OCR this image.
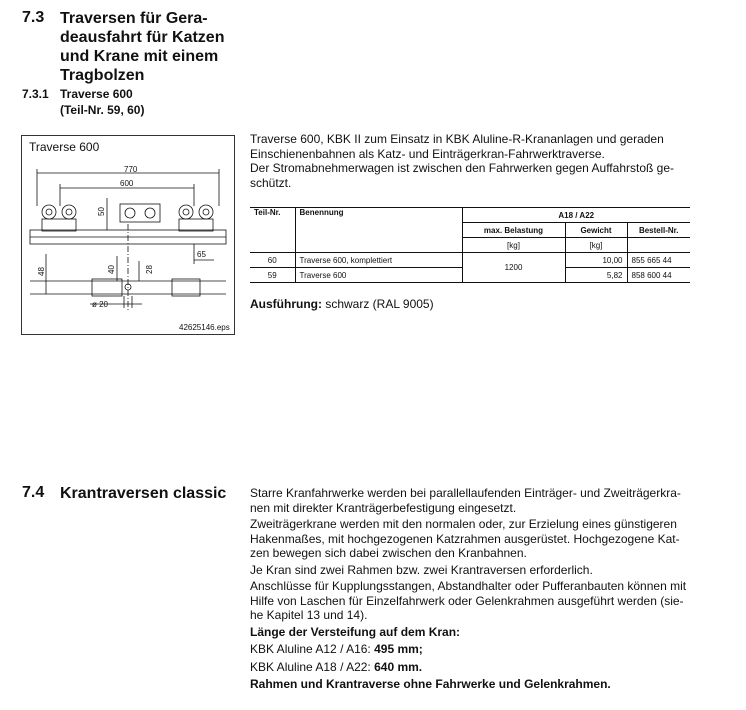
7.3 Traversen für Gera-
deausfahrt für Katzen
und Krane mit einem
Tragbolzen
7.3.1 Traverse 600
(Teil-Nr. 59, 60)
Traverse 600
770
600
50
65
48	40	28
ø 20
42625146.eps
Traverse 600, KBK II zum Einsatz in KBK Aluline-R-Krananlagen und geraden
Einschienenbahnen als Katz- und Einträgerkran-Fahrwerktraverse.
Der Stromabnehmerwagen ist zwischen den Fahrwerken gegen Auffahrstoß ge-
schützt.
Teil-Nr.	Benennung	A18 / A22		
		max. Belastung	Gewicht	Bestell-Nr.
		[kg]	[kg]	
60	Traverse 600, komplettiert	1200	10,00	855 665 44
59	Traverse 600		5,82	858 600 44
Ausführung: schwarz (RAL 9005)
7.4 Krantraversen classic Starre Kranfahrwerke werden bei parallellaufenden Einträger- und Zweiträgerkra-
nen mit direkter Kranträgerbefestigung eingesetzt.

Zweiträgerkrane werden mit den normalen oder, zur Erzielung eines günstigeren
Hakenmaßes, mit hochgezogenen Katzrahmen ausgerüstet. Hochgezogene Kat-
zen bewegen sich dabei zwischen den Kranbahnen.

Je Kran sind zwei Rahmen bzw. zwei Krantraversen erforderlich.

Anschlüsse für Kupplungsstangen, Abstandhalter oder Pufferanbauten können mit
Hilfe von Laschen für Einzelfahrwerk oder Gelenkrahmen ausgeführt werden (sie-
he Kapitel 13 und 14).

Länge der Versteifung auf dem Kran:

KBK Aluline A12 / A16: 495 mm;

KBK Aluline A18 / A22: 640 mm.

Rahmen und Krantraverse ohne Fahrwerke und Gelenkrahmen.
